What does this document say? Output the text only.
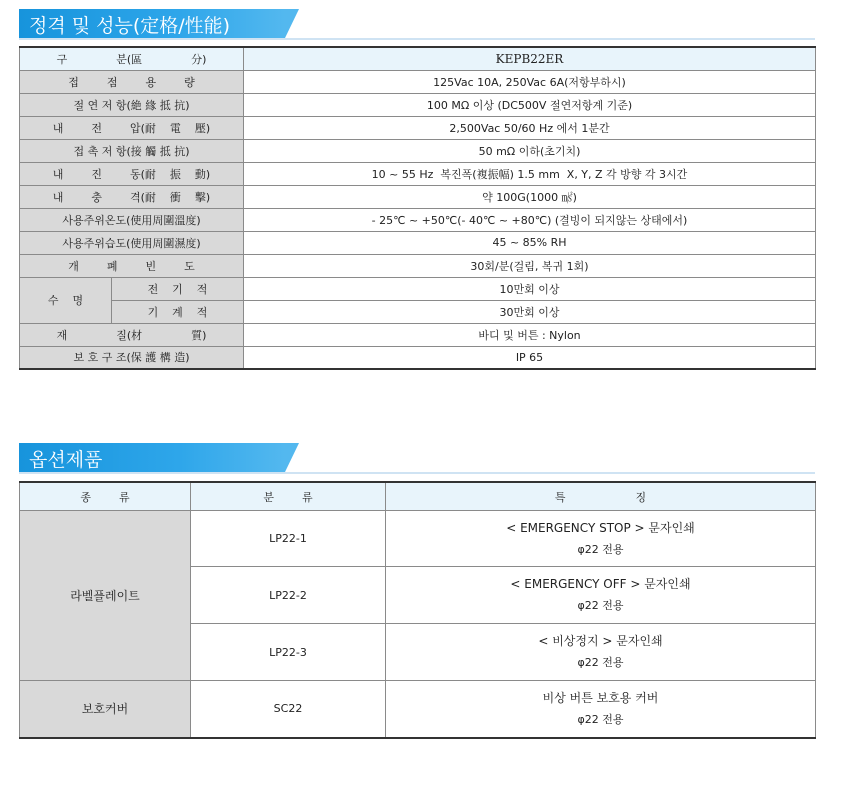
정격 및 성능(定格/性能)
구              분(區              分)		KEPB22ER
접        점        용        량		125Vac 10A, 250Vac 6A(저항부하시)
절 연 저 항(絶 緣 抵 抗)		100 MΩ 이상 (DC500V 절연저항계 기준)
내        전        압(耐    電    壓)		2,500Vac 50/60 Hz 에서 1분간
접 촉 저 항(接 觸 抵 抗)		50 mΩ 이하(초기치)
내        진        동(耐    振    動)		10 ~ 55 Hz  복진폭(複振幅) 1.5 mm  X, Y, Z 각 방향 각 3시간
내        충        격(耐    衝    擊)		약 100G(1000 ㎨)
사용주위온도(使用周圍溫度)		- 25℃ ~ +50℃(- 40℃ ~ +80℃) (결빙이 되지않는 상태에서)
사용주위습도(使用周圍濕度)		45 ~ 85% RH
개        폐        빈        도		30회/분(걸림, 복귀 1회)
수    명	전    기    적	10만회 이상
	기    계    적	30만회 이상
재              질(材              質)		바디 및 버튼 : Nylon
보 호 구 조(保 護 構 造)		IP 65
옵션제품
종        류	분        류	특                    징
라벨플레이트	LP22-1	< EMERGENCY STOP > 문자인쇄
φ22 전용

	LP22-2	< EMERGENCY OFF > 문자인쇄
φ22 전용

	LP22-3	< 비상정지 > 문자인쇄
φ22 전용

보호커버	SC22	비상 버튼 보호용 커버
φ22 전용
